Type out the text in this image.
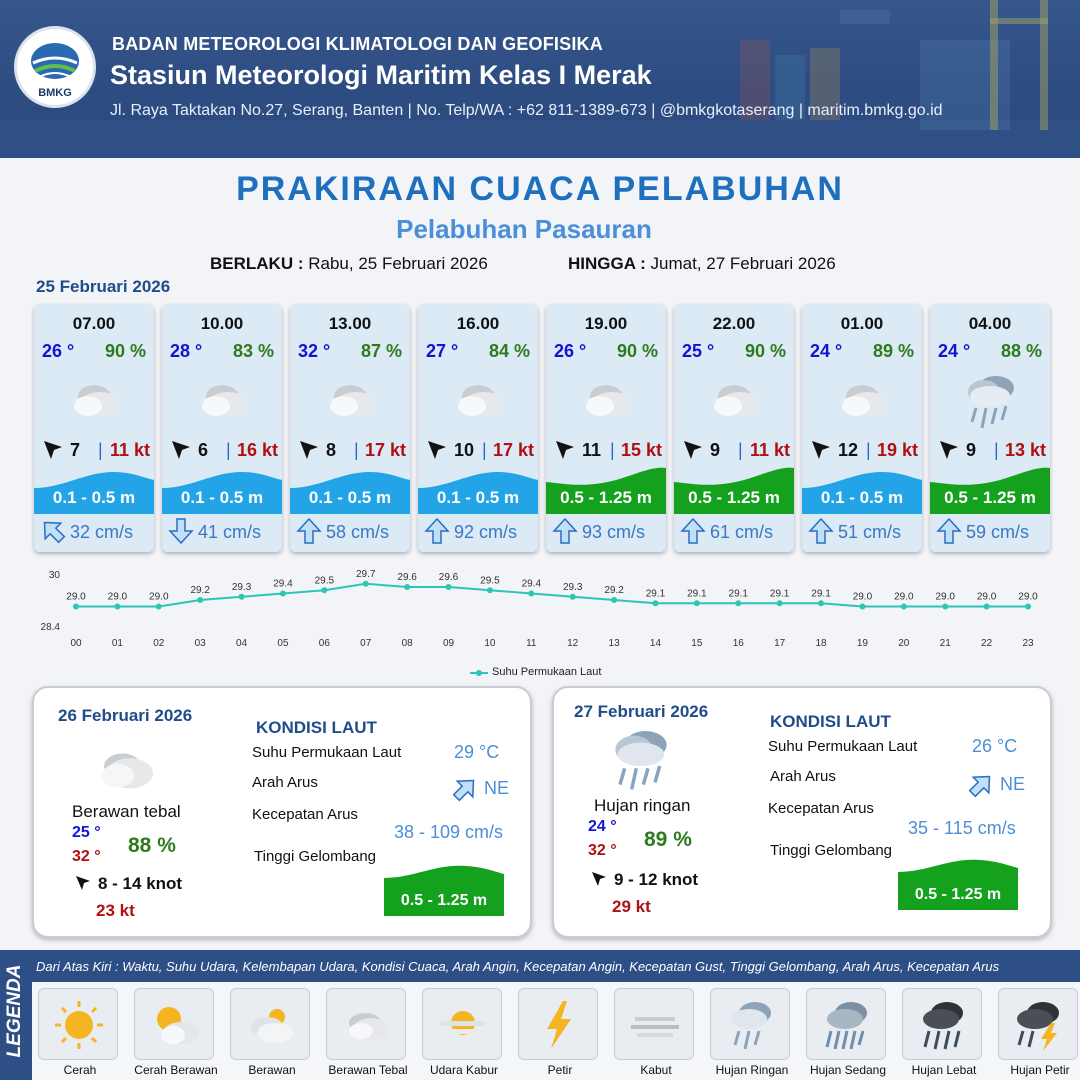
BMKG
BADAN METEOROLOGI KLIMATOLOGI DAN GEOFISIKA
Stasiun Meteorologi Maritim Kelas I Merak
Jl. Raya Taktakan No.27, Serang, Banten | No. Telp/WA : +62 811-1389-673 | @bmkgkotaserang | maritim.bmkg.go.id
PRAKIRAAN CUACA PELABUHAN
Pelabuhan Pasauran
BERLAKU : Rabu, 25 Februari 2026	HINGGA : Jumat, 27 Februari 2026
25 Februari 2026
07.00
26 ° 90 %
7 | 11 kt
0.1 - 0.5 m
32 cm/s
10.00
28 ° 83 %
6 | 16 kt
0.1 - 0.5 m
41 cm/s
13.00
32 ° 87 %
8 | 17 kt
0.1 - 0.5 m
58 cm/s
16.00
27 ° 84 %
10 | 17 kt
0.1 - 0.5 m
92 cm/s
19.00
26 ° 90 %
11 | 15 kt
0.5 - 1.25 m
93 cm/s
22.00
25 ° 90 %
9 | 11 kt
0.5 - 1.25 m
61 cm/s
01.00
24 ° 89 %
12 | 19 kt
0.1 - 0.5 m
51 cm/s
04.00
24 ° 88 %
9 | 13 kt
0.5 - 1.25 m
59 cm/s
30
28.4
29.0
00
29.0
01
29.0
02
29.2
03
29.3
04
29.4
05
29.5
06
29.7
07
29.6
08
29.6
09
29.5
10
29.4
11
29.3
12
29.2
13
29.1
14
29.1
15
29.1
16
29.1
17
29.1
18
29.0
19
29.0
20
29.0
21
29.0
22
29.0
23
Suhu Permukaan Laut
26 Februari 2026
Berawan tebal
25 °
32 ° 88 %
8 - 14 knot
23 kt
KONDISI LAUT
Suhu Permukaan Laut	29 °C
Arah Arus	NE
Kecepatan Arus
38 - 109 cm/s
Tinggi Gelombang
0.5 - 1.25 m
27 Februari 2026
Hujan ringan
24 °
32 ° 89 %
9 - 12 knot
29 kt
KONDISI LAUT
Suhu Permukaan Laut	26 °C
Arah Arus	NE
Kecepatan Arus
35 - 115 cm/s
Tinggi Gelombang
0.5 - 1.25 m
LEGENDA Dari Atas Kiri : Waktu, Suhu Udara, Kelembapan Udara, Kondisi Cuaca, Arah Angin, Kecepatan Angin, Kecepatan Gust, Tinggi Gelombang, Arah Arus, Kecepatan Arus
Cerah	Cerah Berawan	Berawan	Berawan Tebal	Udara Kabur	Petir	Kabut	Hujan Ringan	Hujan Sedang	Hujan Lebat	Hujan Petir
